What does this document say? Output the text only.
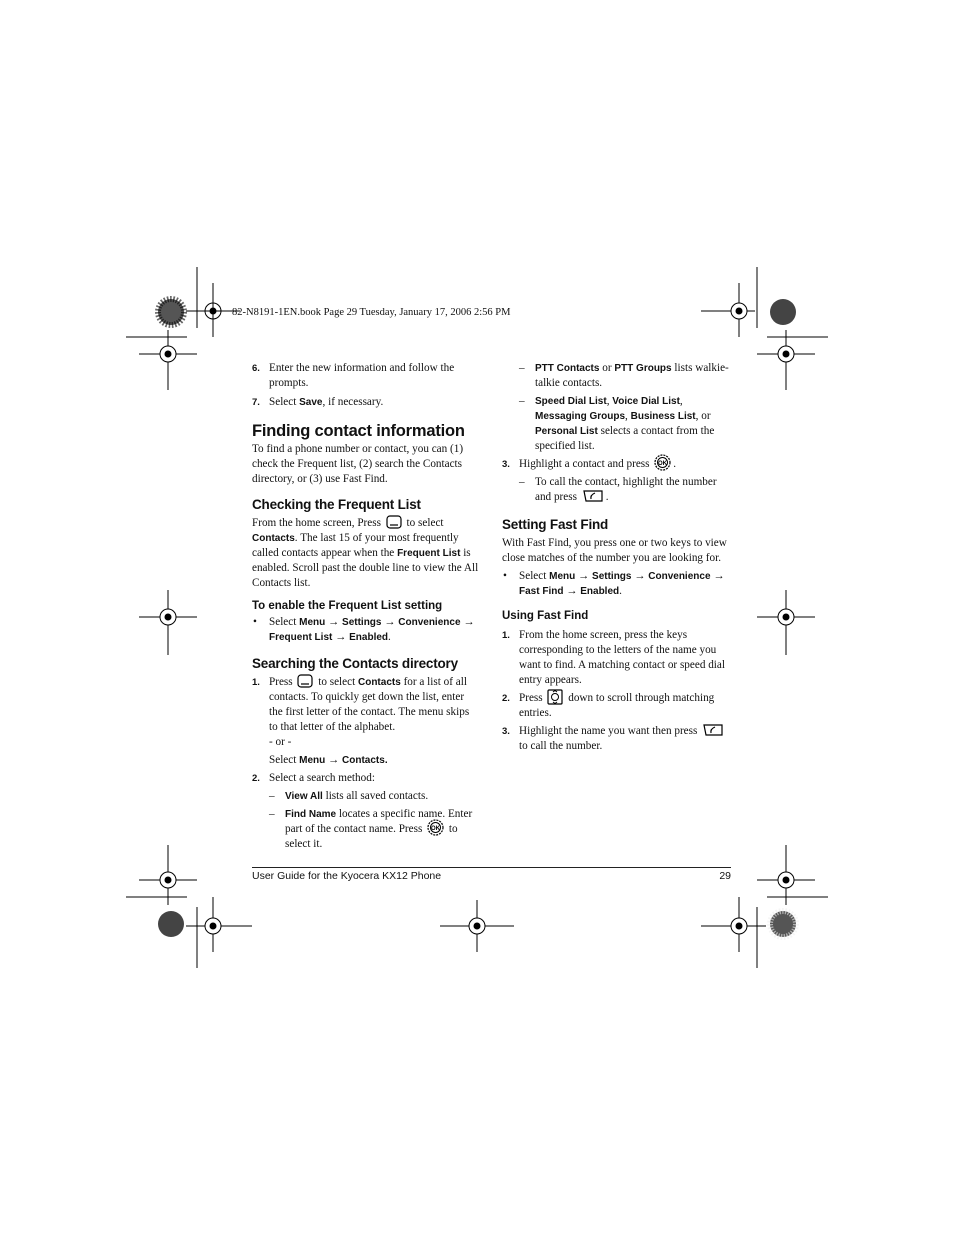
82-N8191-1EN.book Page 29 Tuesday, January 17, 2006 2:56 PM
6. Enter the new information and follow the prompts.
7. Select Save, if necessary.
Finding contact information

To find a phone number or contact, you can (1) check the Frequent list, (2) search the Contacts directory, or (3) use Fast Find.

Checking the Frequent List

From the home screen, Press to select Contacts. The last 15 of your most frequently called contacts appear when the Frequent List is enabled. Scroll past the double line to view the All Contacts list.

To enable the Frequent List setting
• Select Menu → Settings → Convenience → Frequent List → Enabled.
Searching the Contacts directory
1. Press to select Contacts for a list of all contacts. To quickly get down the list, enter the first letter of the contact. The menu skips to that letter of the alphabet.

- or -

Select Menu → Contacts.

2. Select a search method:
– View All lists all saved contacts.
– Find Name locates a specific name. Enter part of the contact name. Press OK to select it.
– PTT Contacts or PTT Groups lists walkie-talkie contacts.
– Speed Dial List, Voice Dial List, Messaging Groups, Business List, or Personal List selects a contact from the specified list.
3. Highlight a contact and press OK .
– To call the contact, highlight the number and press	.
Setting Fast Find

With Fast Find, you press one or two keys to view close matches of the number you are looking for.

• Select Menu → Settings → Convenience → Fast Find → Enabled.
Using Fast Find
1. From the home screen, press the keys corresponding to the letters of the name you want to find. A matching contact or speed dial entry appears.
2. Press down to scroll through matching entries.
3. Highlight the name you want then press  to call the number.
User Guide for the Kyocera KX12 Phone	29
